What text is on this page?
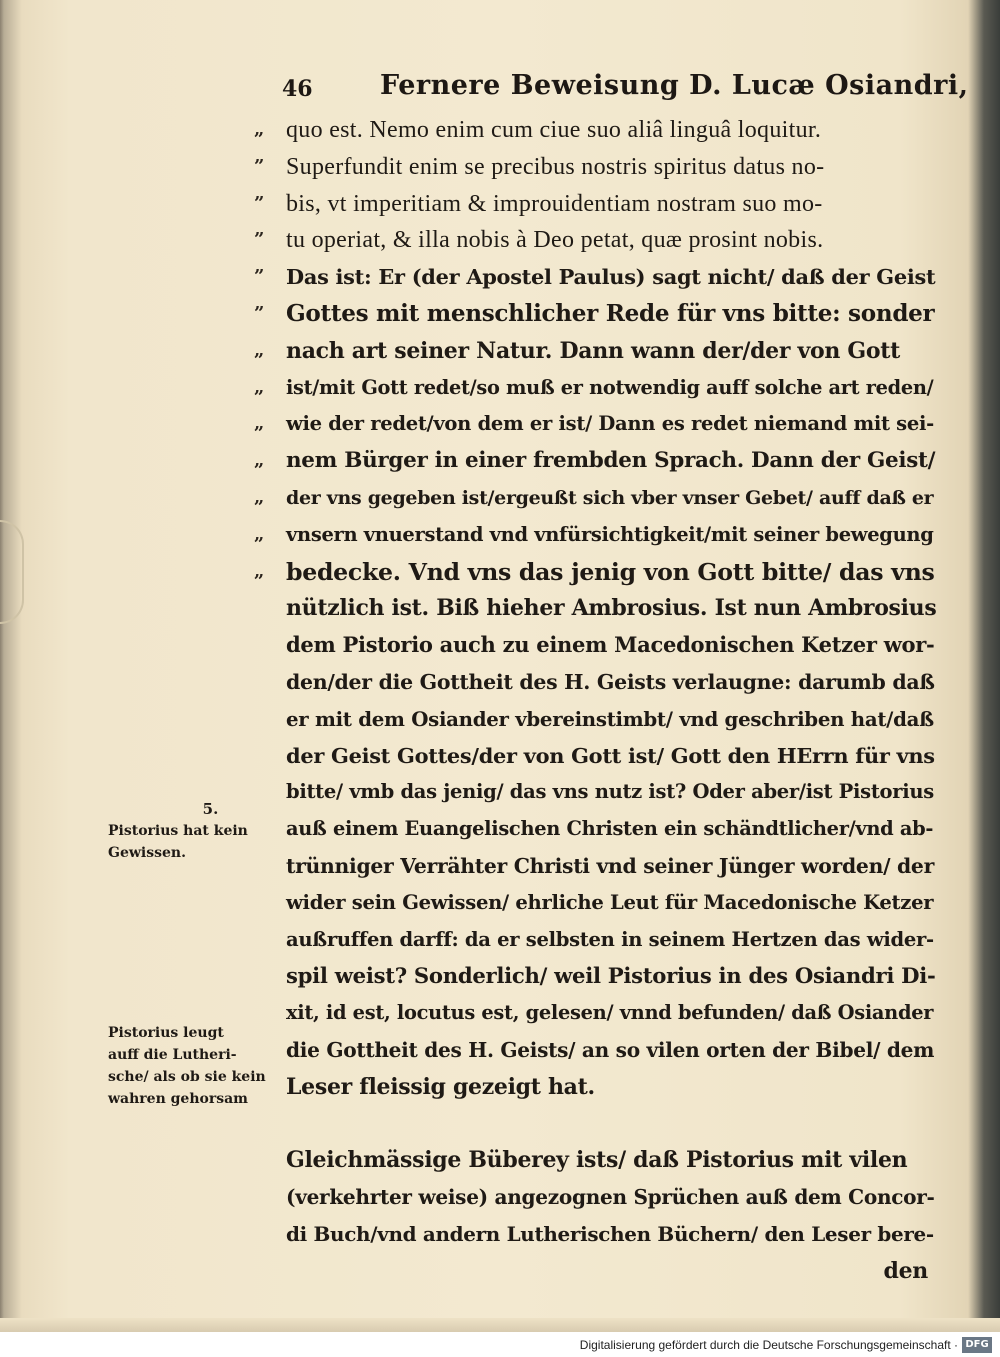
46 Fernere Beweisung D. Lucæ Osiandri,
„ quo est. Nemo enim cum ciue suo aliâ linguâ loquitur.
” Superfundit enim se precibus nostris spiritus datus no-
” bis, vt imperitiam & improuidentiam nostram suo mo-
” tu operiat, & illa nobis à Deo petat, quæ prosint nobis.
”	Das ist: Er (der Apostel Paulus) sagt nicht/ daß der Geist
” Gottes mit menschlicher Rede für vns bitte: sonder
„ nach art seiner Natur. Dann wann der/der von Gott
„	ist/mit Gott redet/so muß er notwendig auff solche art reden/
„	wie der redet/von dem er ist/ Dann es redet niemand mit sei-
„	nem Bürger in einer frembden Sprach. Dann der Geist/
„	der vns gegeben ist/ergeußt sich vber vnser Gebet/ auff daß er
„	vnsern vnuerstand vnd vnfürsichtigkeit/mit seiner bewegung
„ bedecke. Vnd vns das jenig von Gott bitte/ das vns
nützlich ist. Biß hieher Ambrosius. Ist nun Ambrosius
dem Pistorio auch zu einem Macedonischen Ketzer wor-
den/der die Gottheit des H. Geists verlaugne: darumb daß
er mit dem Osiander vbereinstimbt/ vnd geschriben hat/daß
der Geist Gottes/der von Gott ist/ Gott den HErrn für vns
bitte/ vmb das jenig/ das vns nutz ist? Oder aber/ist Pistorius
auß einem Euangelischen Christen ein schändtlicher/vnd ab-
trünniger Verrähter Christi vnd seiner Jünger worden/ der
wider sein Gewissen/ ehrliche Leut für Macedonische Ketzer
außruffen darff: da er selbsten in seinem Hertzen das wider-
spil weist? Sonderlich/ weil Pistorius in des Osiandri Di-
xit, id est, locutus est, gelesen/ vnnd befunden/ daß Osiander
die Gottheit des H. Geists/ an so vilen orten der Bibel/ dem
Leser fleissig gezeigt hat.
Gleichmässige Büberey ists/ daß Pistorius mit vilen
(verkehrter weise) angezognen Sprüchen auß dem Concor-
di Buch/vnd andern Lutherischen Büchern/ den Leser bere-
den
5.
Pistorius hat kein
Gewissen.
Pistorius leugt
auff die Lutheri-
sche/ als ob sie kein
wahren gehorsam
Digitalisierung gefördert durch die Deutsche Forschungsgemeinschaft · DFG
